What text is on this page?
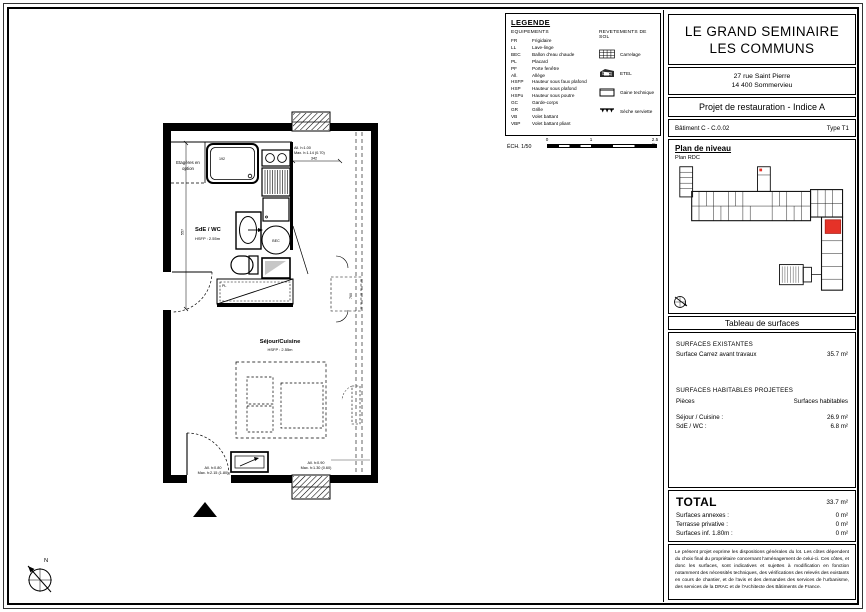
Etagères en
option
192
BEC
PL
760
All. h:1.00
Max. h:1.14 (0.70)
342
557
All. h:0.80
Max. h:2.15 (1.80)
All. h:0.90
Max. h:1.30 (0.60)
SdE / WC
HSFP : 2.55m
Séjour/Cuisine
HSFP : 2.55m
N
LEGENDE
EQUIPEMENTS
FR	Frigidaire
LL	Lave-linge
BEC	Ballon d'eau chaude
PL	Placard
PF	Porte fenêtre
All.	Allège
HSFP	Hauteur sous faux plafond
HSP	Hauteur sous plafond
HSPo	Hauteur sous poutre
GC	Garde-corps
GR	Grille
VB	Volet battant
VBP	Volet battant pliant
REVETEMENTS DE SOL
Carrelage
ETEL
Gaine technique
Sèche serviette
ÉCH. 1/50
0	1	2.5 m
LE GRAND SEMINAIRE
LES COMMUNS
27 rue Saint Pierre
14 400 Sommervieu
Projet de restauration - Indice A
Bâtiment C - C.0.02	Type T1
Plan de niveau
Plan RDC
Tableau de surfaces
SURFACES EXISTANTES
Surface Carrez avant travaux	35.7 m²
SURFACES HABITABLES PROJETEES
Pièces	Surfaces habitables
Séjour / Cuisine :	26.9 m²
SdE / WC :	6.8 m²
TOTAL	33.7 m²
Surfaces annexes :	0 m²
Terrasse privative :	0 m²
Surfaces inf. 1.80m :	0 m²
Le présent projet exprime les dispositions générales du lot. Les côtes dépendent du choix final du propriétaire concernant l'aménagement de celui-ci. Ces côtes, et donc les surfaces, sont indicatives et sujettes à modification en fonction notamment des nécessités techniques, des vérifications des relevés des existants en cours de chantier, et de l'avis et des demandes des services de l'urbanisme, des services de la DRAC et de l'Architecte des Bâtiments de France.
